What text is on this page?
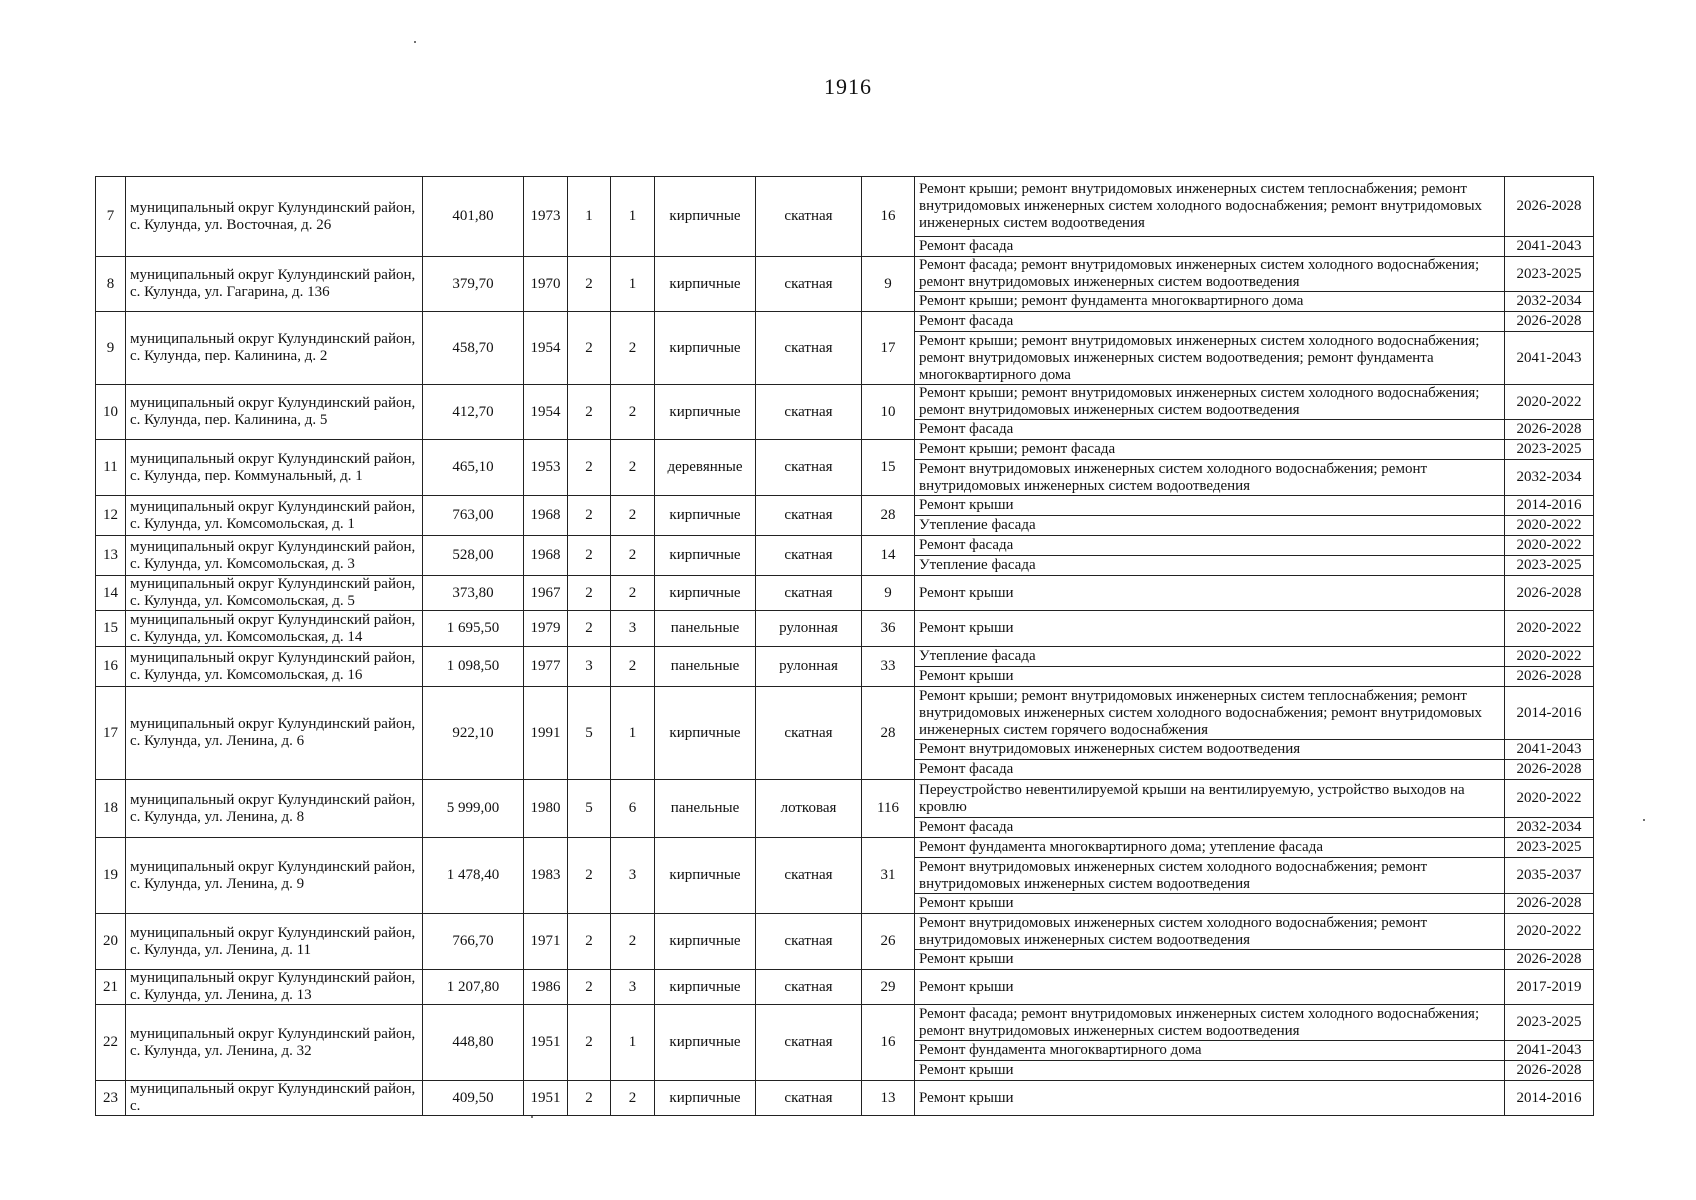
1916
7	муниципальный округ Кулундинский район, с. Кулунда, ул. Восточная, д. 26	401,80	1973	1	1	кирпичные	скатная	16	Ремонт крыши; ремонт внутридомовых инженерных систем теплоснабжения; ремонт внутридомовых инженерных систем холодного водоснабжения; ремонт внутридомовых инженерных систем водоотведения	2026-2028
									Ремонт фасада	2041-2043
8	муниципальный округ Кулундинский район, с. Кулунда, ул. Гагарина, д. 136	379,70	1970	2	1	кирпичные	скатная	9	Ремонт фасада; ремонт внутридомовых инженерных систем холодного водоснабжения; ремонт внутридомовых инженерных систем водоотведения	2023-2025
									Ремонт крыши; ремонт фундамента многоквартирного дома	2032-2034
9	муниципальный округ Кулундинский район, с. Кулунда, пер. Калинина, д. 2	458,70	1954	2	2	кирпичные	скатная	17	Ремонт фасада	2026-2028
									Ремонт крыши; ремонт внутридомовых инженерных систем холодного водоснабжения; ремонт внутридомовых инженерных систем водоотведения; ремонт фундамента многоквартирного дома	2041-2043
10	муниципальный округ Кулундинский район, с. Кулунда, пер. Калинина, д. 5	412,70	1954	2	2	кирпичные	скатная	10	Ремонт крыши; ремонт внутридомовых инженерных систем холодного водоснабжения; ремонт внутридомовых инженерных систем водоотведения	2020-2022
									Ремонт фасада	2026-2028
11	муниципальный округ Кулундинский район, с. Кулунда, пер. Коммунальный, д. 1	465,10	1953	2	2	деревянные	скатная	15	Ремонт крыши; ремонт фасада	2023-2025
									Ремонт внутридомовых инженерных систем холодного водоснабжения; ремонт внутридомовых инженерных систем водоотведения	2032-2034
12	муниципальный округ Кулундинский район, с. Кулунда, ул. Комсомольская, д. 1	763,00	1968	2	2	кирпичные	скатная	28	Ремонт крыши	2014-2016
									Утепление фасада	2020-2022
13	муниципальный округ Кулундинский район, с. Кулунда, ул. Комсомольская, д. 3	528,00	1968	2	2	кирпичные	скатная	14	Ремонт фасада	2020-2022
									Утепление фасада	2023-2025
14	муниципальный округ Кулундинский район, с. Кулунда, ул. Комсомольская, д. 5	373,80	1967	2	2	кирпичные	скатная	9	Ремонт крыши	2026-2028
15	муниципальный округ Кулундинский район, с. Кулунда, ул. Комсомольская, д. 14	1 695,50	1979	2	3	панельные	рулонная	36	Ремонт крыши	2020-2022
16	муниципальный округ Кулундинский район, с. Кулунда, ул. Комсомольская, д. 16	1 098,50	1977	3	2	панельные	рулонная	33	Утепление фасада	2020-2022
									Ремонт крыши	2026-2028
17	муниципальный округ Кулундинский район, с. Кулунда, ул. Ленина, д. 6	922,10	1991	5	1	кирпичные	скатная	28	Ремонт крыши; ремонт внутридомовых инженерных систем теплоснабжения; ремонт внутридомовых инженерных систем холодного водоснабжения; ремонт внутридомовых инженерных систем горячего водоснабжения	2014-2016
									Ремонт внутридомовых инженерных систем водоотведения	2041-2043
									Ремонт фасада	2026-2028
18	муниципальный округ Кулундинский район, с. Кулунда, ул. Ленина, д. 8	5 999,00	1980	5	6	панельные	лотковая	116	Переустройство невентилируемой крыши на вентилируемую, устройство выходов на кровлю	2020-2022
									Ремонт фасада	2032-2034
19	муниципальный округ Кулундинский район, с. Кулунда, ул. Ленина, д. 9	1 478,40	1983	2	3	кирпичные	скатная	31	Ремонт фундамента многоквартирного дома; утепление фасада	2023-2025
									Ремонт внутридомовых инженерных систем холодного водоснабжения; ремонт внутридомовых инженерных систем водоотведения	2035-2037
									Ремонт крыши	2026-2028
20	муниципальный округ Кулундинский район, с. Кулунда, ул. Ленина, д. 11	766,70	1971	2	2	кирпичные	скатная	26	Ремонт внутридомовых инженерных систем холодного водоснабжения; ремонт внутридомовых инженерных систем водоотведения	2020-2022
									Ремонт крыши	2026-2028
21	муниципальный округ Кулундинский район, с. Кулунда, ул. Ленина, д. 13	1 207,80	1986	2	3	кирпичные	скатная	29	Ремонт крыши	2017-2019
22	муниципальный округ Кулундинский район, с. Кулунда, ул. Ленина, д. 32	448,80	1951	2	1	кирпичные	скатная	16	Ремонт фасада; ремонт внутридомовых инженерных систем холодного водоснабжения; ремонт внутридомовых инженерных систем водоотведения	2023-2025
									Ремонт фундамента многоквартирного дома	2041-2043
									Ремонт крыши	2026-2028
23	муниципальный округ Кулундинский район, с.	409,50	1951	2	2	кирпичные	скатная	13	Ремонт крыши	2014-2016
